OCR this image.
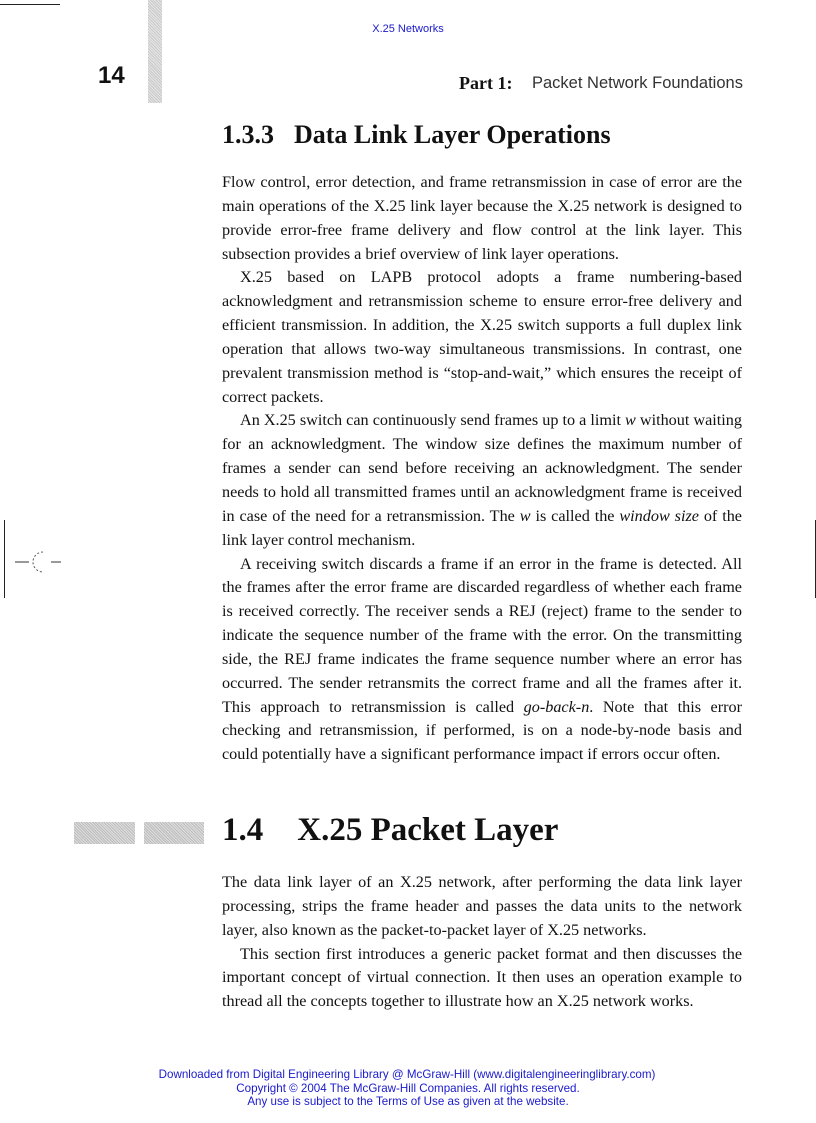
X.25 Networks
14	Part 1: Packet Network Foundations
1.3.3 Data Link Layer Operations

Flow control, error detection, and frame retransmission in case of error are the main operations of the X.25 link layer because the X.25 network is designed to provide error-free frame delivery and flow control at the link layer. This subsection provides a brief overview of link layer operations.

X.25 based on LAPB protocol adopts a frame numbering-based acknowledgment and retransmission scheme to ensure error-free delivery and efficient transmission. In addition, the X.25 switch supports a full duplex link operation that allows two-way simultaneous transmissions. In contrast, one prevalent transmission method is “stop-and-wait,” which ensures the receipt of correct packets.

An X.25 switch can continuously send frames up to a limit w without waiting for an acknowledgment. The window size defines the maximum number of frames a sender can send before receiving an acknowledgment. The sender needs to hold all transmitted frames until an acknowledgment frame is received in case of the need for a retransmission. The w is called the window size of the link layer control mechanism.

A receiving switch discards a frame if an error in the frame is detected. All the frames after the error frame are discarded regardless of whether each frame is received correctly. The receiver sends a REJ (reject) frame to the sender to indicate the sequence number of the frame with the error. On the transmitting side, the REJ frame indicates the frame sequence number where an error has occurred. The sender retransmits the correct frame and all the frames after it. This approach to retransmission is called go-back-n. Note that this error checking and retransmission, if performed, is on a node-by-node basis and could potentially have a significant performance impact if errors occur often.

1.4 X.25 Packet Layer

The data link layer of an X.25 network, after performing the data link layer processing, strips the frame header and passes the data units to the network layer, also known as the packet-to-packet layer of X.25 networks.

This section first introduces a generic packet format and then discusses the important concept of virtual connection. It then uses an operation example to thread all the concepts together to illustrate how an X.25 network works.

Downloaded from Digital Engineering Library @ McGraw-Hill (www.digitalengineeringlibrary.com)
Copyright © 2004 The McGraw-Hill Companies. All rights reserved.
Any use is subject to the Terms of Use as given at the website.
